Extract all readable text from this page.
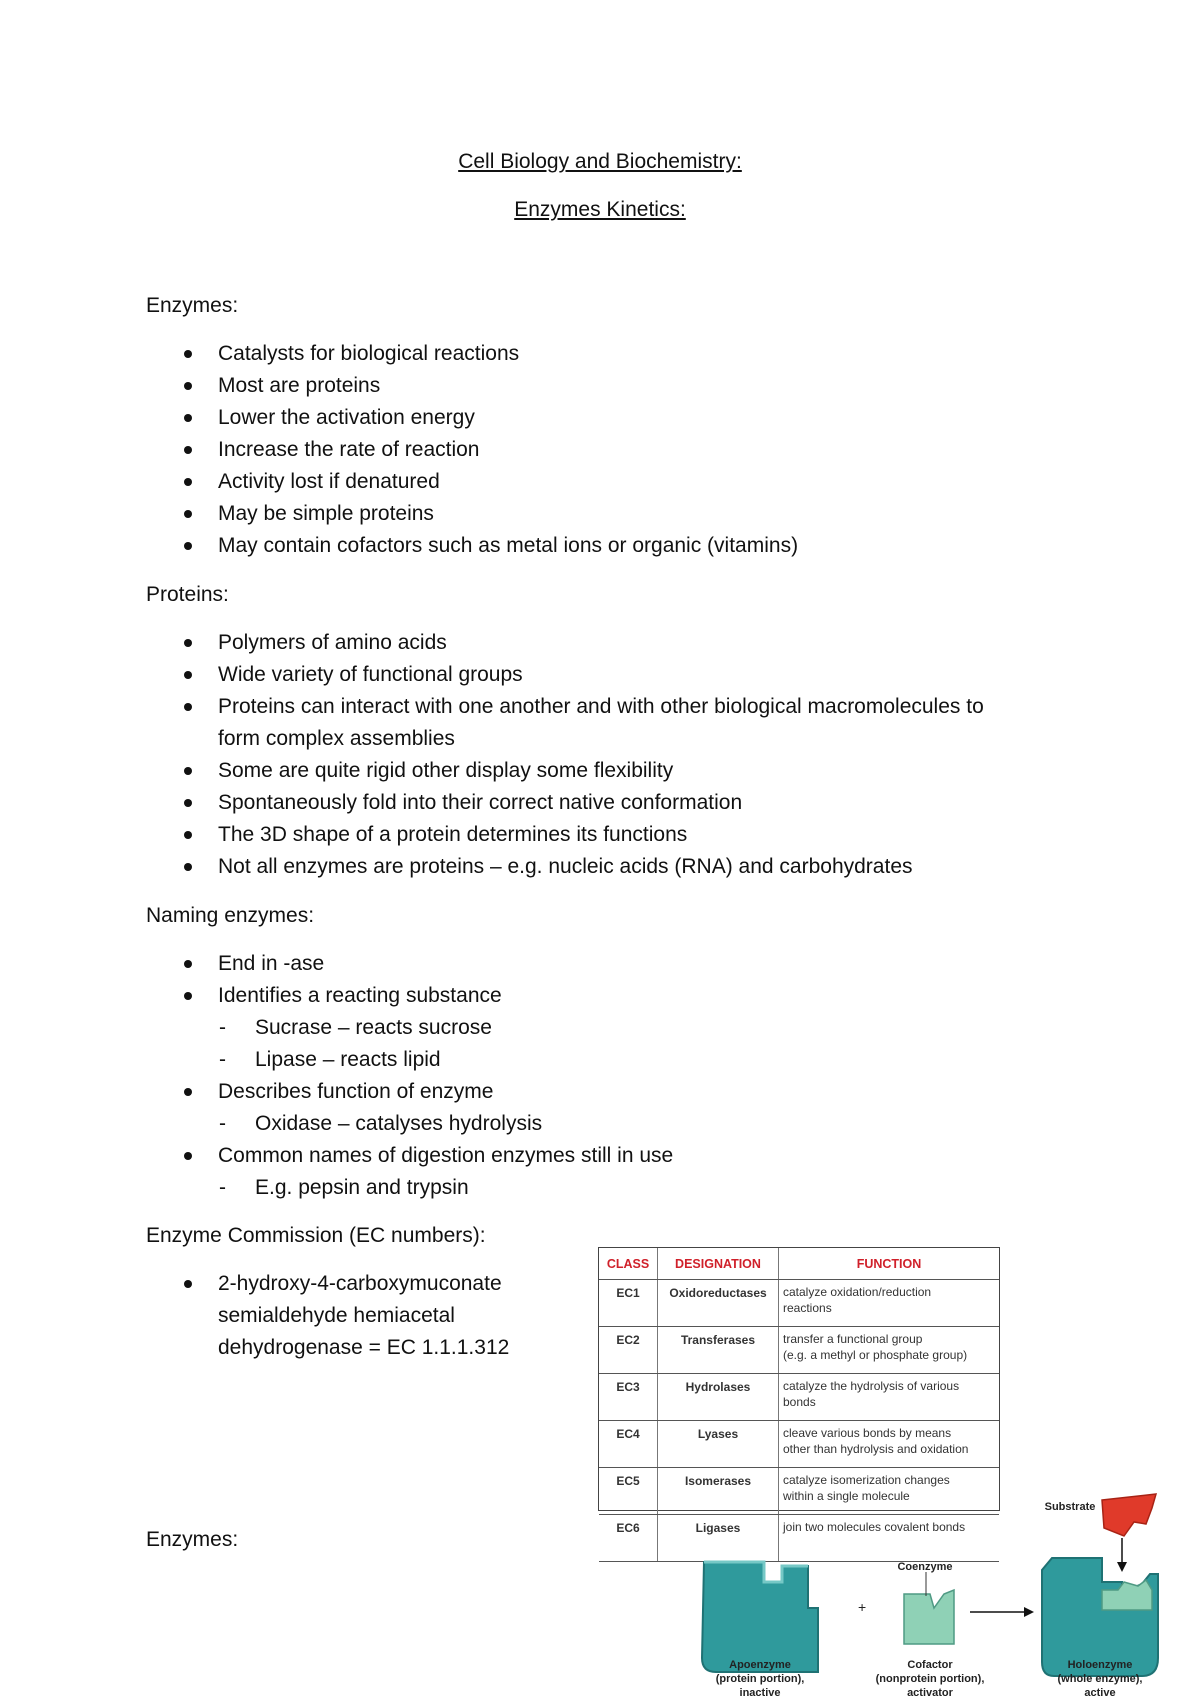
Cell Biology and Biochemistry:
Enzymes Kinetics:
Enzymes:
Catalysts for biological reactions
Most are proteins
Lower the activation energy
Increase the rate of reaction
Activity lost if denatured
May be simple proteins
May contain cofactors such as metal ions or organic (vitamins)
Proteins:
Polymers of amino acids
Wide variety of functional groups
Proteins can interact with one another and with other biological macromolecules to
form complex assemblies
Some are quite rigid other display some flexibility
Spontaneously fold into their correct native conformation
The 3D shape of a protein determines its functions
Not all enzymes are proteins – e.g. nucleic acids (RNA) and carbohydrates
Naming enzymes:
End in -ase
Identifies a reacting substance
- Sucrase – reacts sucrose
- Lipase – reacts lipid
Describes function of enzyme
- Oxidase – catalyses hydrolysis
Common names of digestion enzymes still in use
- E.g. pepsin and trypsin
Enzyme Commission (EC numbers):
2-hydroxy-4-carboxymuconate
semialdehyde hemiacetal
dehydrogenase = EC 1.1.1.312
CLASS	DESIGNATION	FUNCTION
EC1	Oxidoreductases	catalyze oxidation/reduction
reactions

EC2	Transferases	transfer a functional group
(e.g. a methyl or phosphate group)

EC3	Hydrolases	catalyze the hydrolysis of various
bonds

EC4	Lyases	cleave various bonds by means
other than hydrolysis and oxidation

EC5	Isomerases	catalyze isomerization changes
within a single molecule

EC6	Ligases	join two molecules covalent bonds
Enzymes:
+
Substrate
Coenzyme
Apoenzyme
(protein portion),
inactive
Cofactor
(nonprotein portion),
activator
Holoenzyme
(whole enzyme),
active
